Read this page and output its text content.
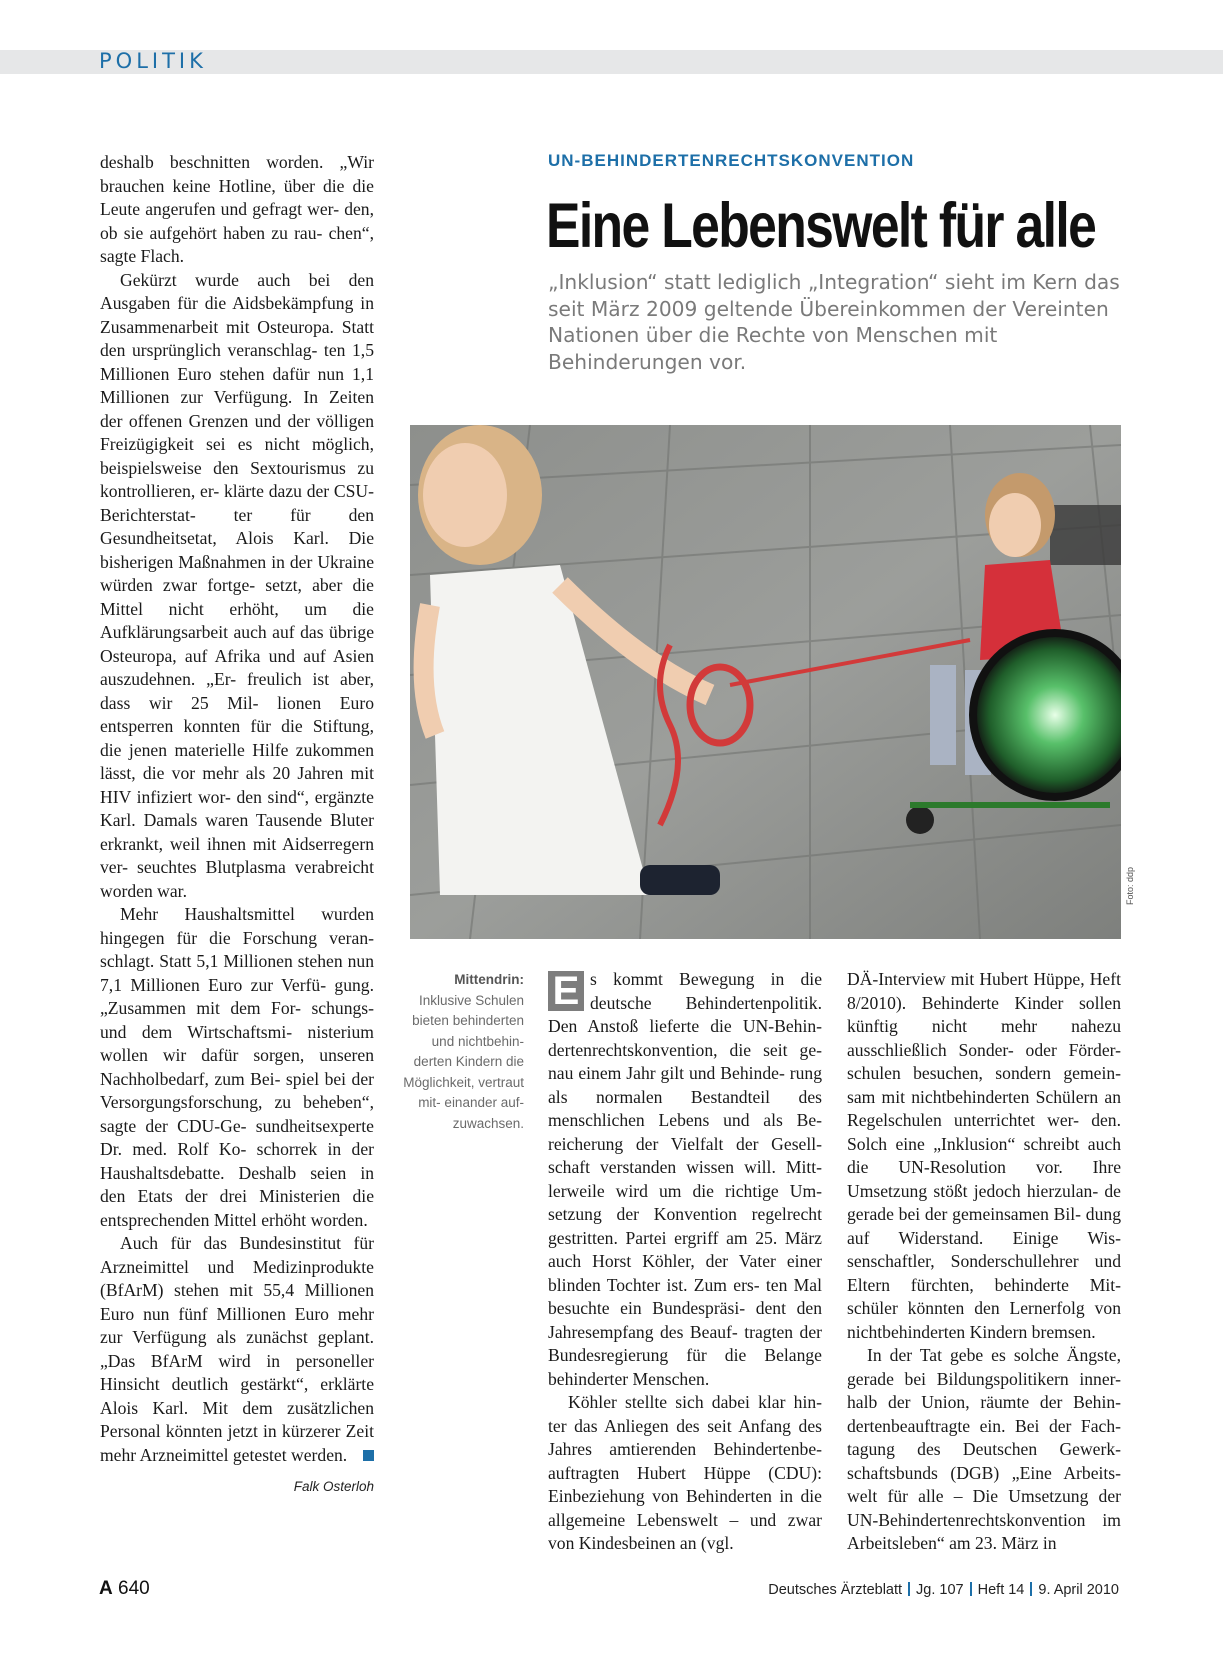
POLITIK

deshalb beschnitten worden. „Wir brauchen keine Hotline, über die die Leute angerufen und gefragt wer- den, ob sie aufgehört haben zu rau- chen“, sagte Flach.

Gekürzt wurde auch bei den Ausgaben für die Aidsbekämpfung in Zusammenarbeit mit Osteuropa. Statt den ursprünglich veranschlag- ten 1,5 Millionen Euro stehen dafür nun 1,1 Millionen zur Verfügung. In Zeiten der offenen Grenzen und der völligen Freizügigkeit sei es nicht möglich, beispielsweise den Sextourismus zu kontrollieren, er- klärte dazu der CSU-Berichterstat- ter für den Gesundheitsetat, Alois Karl. Die bisherigen Maßnahmen in der Ukraine würden zwar fortge- setzt, aber die Mittel nicht erhöht, um die Aufklärungsarbeit auch auf das übrige Osteuropa, auf Afrika und auf Asien auszudehnen. „Er- freulich ist aber, dass wir 25 Mil- lionen Euro entsperren konnten für die Stiftung, die jenen materielle Hilfe zukommen lässt, die vor mehr als 20 Jahren mit HIV infiziert wor- den sind“, ergänzte Karl. Damals waren Tausende Bluter erkrankt, weil ihnen mit Aidserregern ver- seuchtes Blutplasma verabreicht worden war.

Mehr Haushaltsmittel wurden hingegen für die Forschung veran- schlagt. Statt 5,1 Millionen stehen nun 7,1 Millionen Euro zur Verfü- gung. „Zusammen mit dem For- schungs- und dem Wirtschaftsmi- nisterium wollen wir dafür sorgen, unseren Nachholbedarf, zum Bei- spiel bei der Versorgungsforschung, zu beheben“, sagte der CDU-Ge- sundheitsexperte Dr. med. Rolf Ko- schorrek in der Haushaltsdebatte. Deshalb seien in den Etats der drei Ministerien die entsprechenden Mittel erhöht worden.

Auch für das Bundesinstitut für Arzneimittel und Medizinprodukte (BfArM) stehen mit 55,4 Millionen Euro nun fünf Millionen Euro mehr zur Verfügung als zunächst geplant. „Das BfArM wird in personeller Hinsicht deutlich gestärkt“, erklärte Alois Karl. Mit dem zusätzlichen Personal könnten jetzt in kürzerer Zeit mehr Arzneimittel getestet werden.

Falk Osterloh
UN-BEHINDERTENRECHTSKONVENTION
Eine Lebenswelt für alle
„Inklusion“ statt lediglich „Integration“ sieht im Kern das seit März 2009 geltende Übereinkommen der Vereinten Nationen über die Rechte von Menschen mit Behinderungen vor.
Foto: ddp
Mittendrin:
Inklusive Schulen bieten behinderten und nichtbehin- derten Kindern die Möglichkeit, vertraut mit- einander auf- zuwachsen.

E s kommt Bewegung in die deutsche Behindertenpolitik. Den Anstoß lieferte die UN-Behin- dertenrechtskonvention, die seit ge- nau einem Jahr gilt und Behinde- rung als normalen Bestandteil des menschlichen Lebens und als Be- reicherung der Vielfalt der Gesell- schaft verstanden wissen will. Mitt- lerweile wird um die richtige Um- setzung der Konvention regelrecht gestritten. Partei ergriff am 25. März auch Horst Köhler, der Vater einer blinden Tochter ist. Zum ers- ten Mal besuchte ein Bundespräsi- dent den Jahresempfang des Beauf- tragten der Bundesregierung für die Belange behinderter Menschen.

Köhler stellte sich dabei klar hin- ter das Anliegen des seit Anfang des Jahres amtierenden Behindertenbe- auftragten Hubert Hüppe (CDU): Einbeziehung von Behinderten in die allgemeine Lebenswelt – und zwar von Kindesbeinen an (vgl.

DÄ-Interview mit Hubert Hüppe, Heft 8/2010). Behinderte Kinder sollen künftig nicht mehr nahezu ausschließlich Sonder- oder Förder- schulen besuchen, sondern gemein- sam mit nichtbehinderten Schülern an Regelschulen unterrichtet wer- den. Solch eine „Inklusion“ schreibt auch die UN-Resolution vor. Ihre Umsetzung stößt jedoch hierzulan- de gerade bei der gemeinsamen Bil- dung auf Widerstand. Einige Wis- senschaftler, Sonderschullehrer und Eltern fürchten, behinderte Mit- schüler könnten den Lernerfolg von nichtbehinderten Kindern bremsen.

In der Tat gebe es solche Ängste, gerade bei Bildungspolitikern inner- halb der Union, räumte der Behin- dertenbeauftragte ein. Bei der Fach- tagung des Deutschen Gewerk- schaftsbunds (DGB) „Eine Arbeits- welt für alle – Die Umsetzung der UN-Behindertenrechtskonvention im Arbeitsleben“ am 23. März in

A 640	Deutsches Ärzteblatt Jg. 107 Heft 14 9. April 2010
